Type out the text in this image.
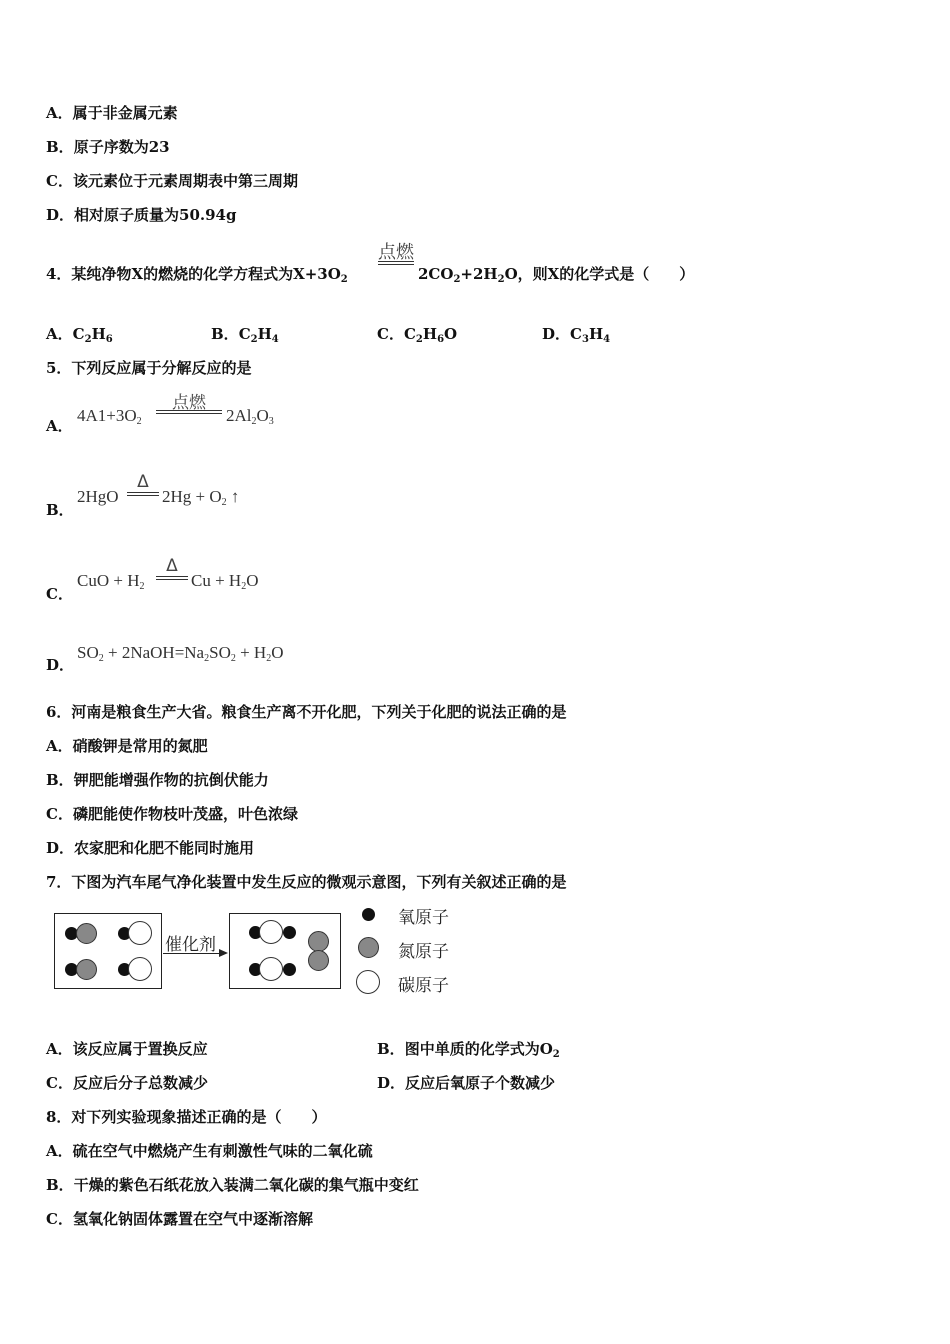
A．属于非金属元素
B．原子序数为23
C．该元素位于元素周期表中第三周期
D．相对原子质量为50.94g
4．某纯净物X的燃烧的化学方程式为$X+3O_2$
点燃
$2CO_2+2H_2O$，则X的化学式是（　　）
A．$C_2H_6$	B．$C_2H_4$	C．$C_2H_6O$	D．$C_3H_4$
5．下列反应属于分解反应的是
A．
4A1+3O2
点燃
2Al2O3
B．
2HgO
Δ
2Hg + O2 ↑
C．
CuO + H2
Δ
Cu + H2O
D．
SO2 + 2NaOH=Na2SO2 + H2O
6．河南是粮食生产大省。粮食生产离不开化肥，下列关于化肥的说法正确的是
A．硝酸钾是常用的氮肥
B．钾肥能增强作物的抗倒伏能力
C．磷肥能使作物枝叶茂盛，叶色浓绿
D．农家肥和化肥不能同时施用
7．下图为汽车尾气净化装置中发生反应的微观示意图，下列有关叙述正确的是
催化剂
氧原子
氮原子
碳原子
A．该反应属于置换反应	B．图中单质的化学式为$O_2$
C．反应后分子总数减少	D．反应后氧原子个数减少
8．对下列实验现象描述正确的是（　　）
A．硫在空气中燃烧产生有刺激性气味的二氧化硫
B．干燥的紫色石纸花放入装满二氧化碳的集气瓶中变红
C．氢氧化钠固体露置在空气中逐渐溶解
